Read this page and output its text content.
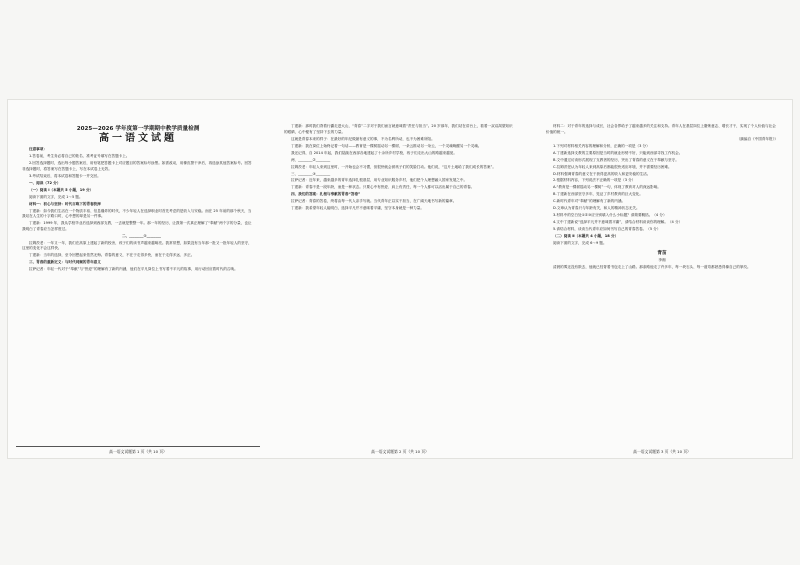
2025—2026 学年度第一学期期中教学质量检测
高一语文试题

注意事项：

1.答卷前，考生务必将自己的姓名、准考证号填写在答题卡上。

2.回答选择题时，选出每小题答案后，用铅笔把答题卡上对应题目的答案标号涂黑。如需改动，用橡皮擦干净后，再选涂其他答案标号。回答非选择题时，将答案写在答题卡上，写在本试卷上无效。

3.考试结束后，将本试卷和答题卡一并交回。

一、阅读（72 分）

（一）阅读 Ⅰ（本题共 5 小题，19 分）

阅读下面的文字，完成 1～5 题。

材料一：初心与坚持：时代召唤下的青春抉择

丁建新：如今我们生活在一个物质丰裕、信息爆炸的时代，不少年轻人在选择职业时首先考虑的是收入与安稳。而在 25 年前的那个秋天，当我站在人生的十字路口时，心中想的却是另一件事。

丁建新：1999 年，我从学校毕业后选择到西部支教，一去就是整整一年。那一年的经历，让我第一次真正理解了“奉献”两个字的分量，也让我明白了青春应当怎样度过。

二、________①________

拉姆茨老：一年又一年，我们在高原上建起了新的校舍，孩子们的读书声越来越响亮。我常常想，如果没有当年那一批又一批年轻人的坚守，这里的变化不会这样快。

丁建新：当年的选择，至今回想起来依然无悔。青春的意义，不在于走得多快，而在于走得多远、多正。

三、青春的重新定义：与时代同频的青年意义

拉萨记者：年轻一代对于“奉献”与“热爱”的理解有了新的内涵，他们在平凡岗位上书写着不平凡的故事，用行动回应着时代的召唤。

高一语文试题第 1 页（共 10 页）

丁建新：那时我们背着行囊走进大山，“青春”二字对于我们而言就意味着“责任与担当”。20 岁那年，我们站在讲台上，看着一双双渴望知识的眼睛，心中便有了坚持下去的力量。

这就是青春本来的样子：在最好的年纪做最有意义的事，不为名利所动，也不为困难所阻。

丁建新：我在岗位上始终记着一句话——教育是一棵树摇动另一棵树，一朵云推动另一朵云，一个灵魂唤醒另一个灵魂。

我还记得，自 2014 年起，我们陆续在西部各地建起了十余所乡村学校，孩子们走出大山的路越来越宽。

两、________②________

拉姆茨老：年轻人来到这里时，一开始也会不习惯，但很快就会被孩子们的笑脸打动。他们说，“这片土地给了我们成长的答案”。

三、________③________

拉萨记者：近年来，越来越多的青年选择扎根基层，用专业知识服务乡村，他们把个人理想融入国家发展之中。

丁建新：青春不是一段年龄，而是一种状态。只要心中有热爱、肩上有责任，每一个人都可以活出属于自己的青春。

四、我们的答案：扎根与奉献的青春“答卷”

拉萨记者：青春的答卷，终将由每一代人亲手写就。当代青年正以实干担当，在广阔天地书写新的篇章。

丁建新：我希望年轻人能明白，选择平凡并不意味着平庸，坚守本身就是一种力量。

高一语文试题第 2 页（共 10 页）

材料二：对于青年的选择与成长，社会各界给予了越来越多的关注和支持。青年人在基层岗位上磨炼意志、增长才干，实现了个人价值与社会价值的统一。

（摘编自《中国青年报》）

1.下列对材料相关内容的理解和分析，正确的一项是（3 分）

A.丁建新选择支教的主要原因是当时的就业形势不好，只能到西部寻找工作机会。

B.文中通过访谈形式展现了支教者的经历，突出了青春的意义在于奉献与坚守。

C.拉姆茨老认为年轻人来到高原后都能很快适应环境，并不需要经历困难。

D.材料强调青春的意义在于获得更高的收入和更安稳的生活。

2.根据材料内容，下列说法不正确的一项是（3 分）

A.“教育是一棵树摇动另一棵树”一句，体现了教育对人的深远影响。

B.丁建新在西部坚守多年，见证了乡村教育的巨大变化。

C.新时代青年对“奉献”的理解有了新的内涵。

D.文章认为青春只与年龄有关，和人的精神状态无关。

3.材料中的空白处①②③应分别填入什么小标题？请简要概括。（4 分）

4.文中丁建新说“选择平凡并不意味着平庸”，请结合材料谈谈你的理解。（4 分）

5.请结合材料，谈谈当代青年应如何书写自己的青春答卷。（5 分）

（二）阅读 Ⅱ（本题共 4 小题，18 分）

阅读下面的文字，完成 6～9 题。

青苗
李湘

清晨的雾还没有散去，他就已经背着书包走上了山路。那条路他走了许多年，每一块石头、每一道弯都熟悉得像自己的掌纹。

高一语文试题第 3 页（共 10 页）
